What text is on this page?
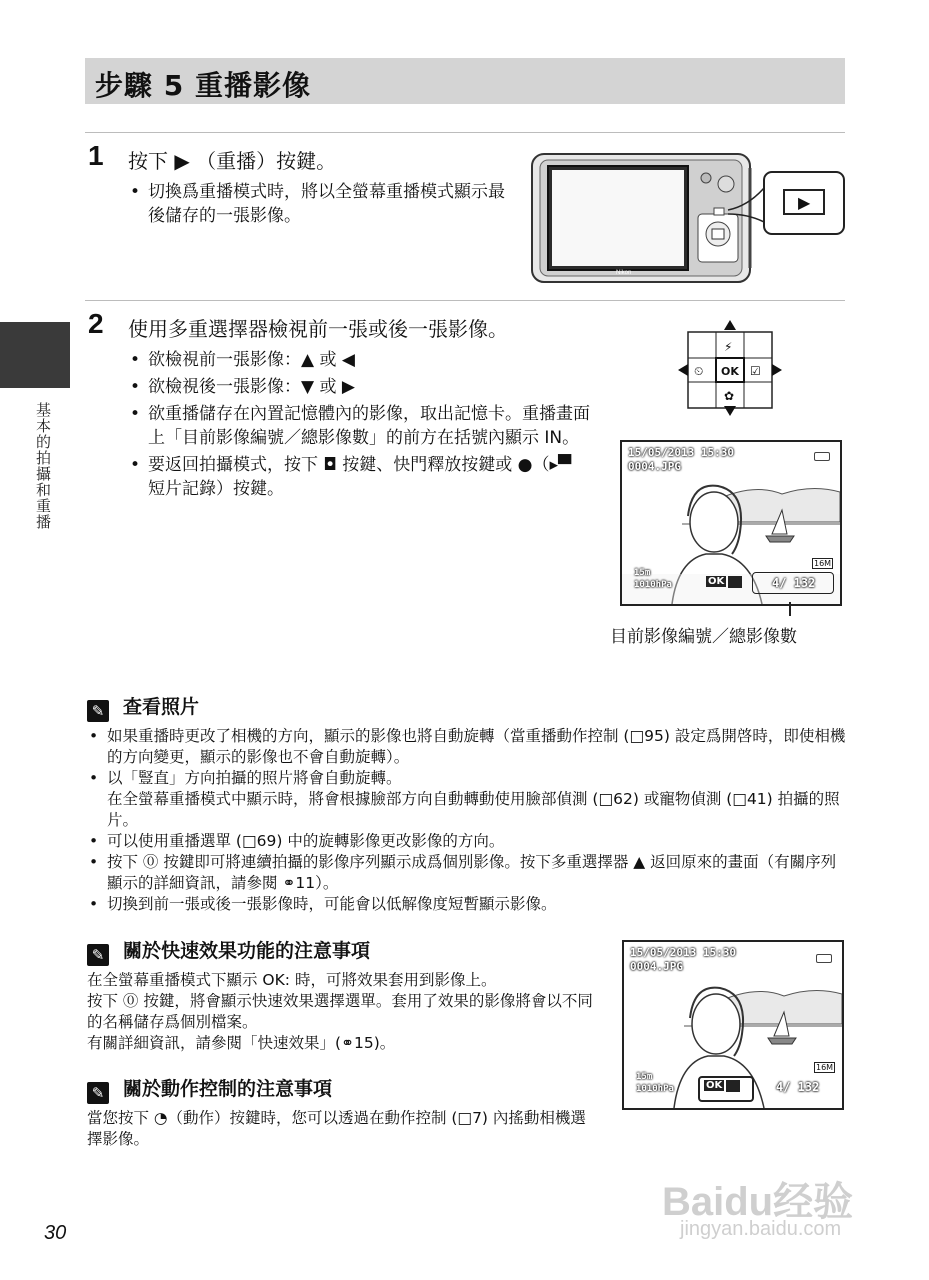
步驟 5 重播影像
基本的拍攝和重播
1 按下 ▶ （重播）按鍵。
• 切換爲重播模式時，將以全螢幕重播模式顯示最後儲存的一張影像。
Nikon
▶
2 使用多重選擇器檢視前一張或後一張影像。
• 欲檢視前一張影像：▲ 或 ◀
• 欲檢視後一張影像：▼ 或 ▶
• 欲重播儲存在內置記憶體內的影像，取出記憶卡。重播畫面上「目前影像編號／總影像數」的前方在括號內顯示 IN。
• 要返回拍攝模式，按下 ◘ 按鍵、快門釋放按鍵或 ●（▸▀ 短片記錄）按鍵。
OK
⚡
⏲	☑
✿
15/05/2013 15:30
0004.JPG
16M
15m
1010hPa	OK	4/ 132
目前影像編號／總影像數
✎ 查看照片
• 如果重播時更改了相機的方向，顯示的影像也將自動旋轉（當重播動作控制 (□95) 設定爲開啓時，即使相機的方向變更，顯示的影像也不會自動旋轉）。
• 以「豎直」方向拍攝的照片將會自動旋轉。
在全螢幕重播模式中顯示時，將會根據臉部方向自動轉動使用臉部偵測 (□62) 或寵物偵測 (□41) 拍攝的照片。
• 可以使用重播選單 (□69) 中的旋轉影像更改影像的方向。
• 按下 ⓪ 按鍵即可將連續拍攝的影像序列顯示成爲個別影像。按下多重選擇器 ▲ 返回原來的畫面（有關序列顯示的詳細資訊，請參閱 ⚭11）。
• 切換到前一張或後一張影像時，可能會以低解像度短暫顯示影像。
✎ 關於快速效果功能的注意事項
在全螢幕重播模式下顯示 OK: 時，可將效果套用到影像上。
按下 ⓪ 按鍵，將會顯示快速效果選擇選單。套用了效果的影像將會以不同的名稱儲存爲個別檔案。
有關詳細資訊，請參閱「快速效果」(⚭15)。
15/05/2013 15:30
0004.JPG
16M
15m
1010hPa	OK	4/ 132
✎ 關於動作控制的注意事項
當您按下 ◔（動作）按鍵時，您可以透過在動作控制 (□7) 內搖動相機選擇影像。
30
Baidu经验
jingyan.baidu.com
